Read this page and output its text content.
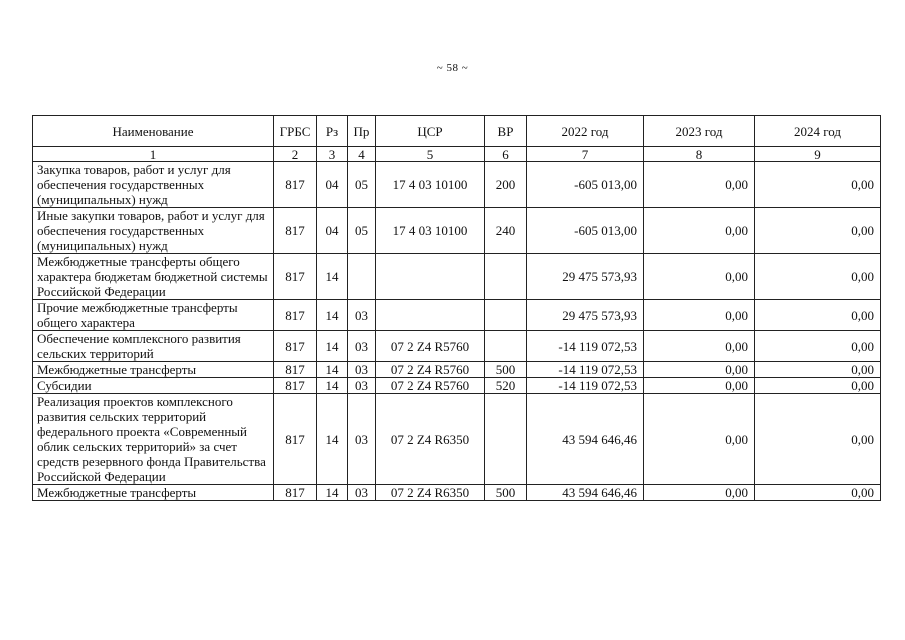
~ 58 ~
Наименование	ГРБС	Рз	Пр	ЦСР	ВР	2022 год	2023 год	2024 год
1	2	3	4	5	6	7	8	9
Закупка товаров, работ и услуг для обеспечения государственных (муниципальных) нужд	817	04	05	17 4 03 10100	200	-605 013,00	0,00	0,00
Иные закупки товаров, работ и услуг для обеспечения государственных (муниципальных) нужд	817	04	05	17 4 03 10100	240	-605 013,00	0,00	0,00
Межбюджетные трансферты общего характера бюджетам бюджетной системы Российской Федерации	817	14				29 475 573,93	0,00	0,00
Прочие межбюджетные трансферты общего характера	817	14	03			29 475 573,93	0,00	0,00
Обеспечение комплексного развития сельских территорий	817	14	03	07 2 Z4 R5760		-14 119 072,53	0,00	0,00
Межбюджетные трансферты	817	14	03	07 2 Z4 R5760	500	-14 119 072,53	0,00	0,00
Субсидии	817	14	03	07 2 Z4 R5760	520	-14 119 072,53	0,00	0,00
Реализация проектов комплексного развития сельских территорий федерального проекта «Современный облик сельских территорий» за счет средств резервного фонда Правительства Российской Федерации	817	14	03	07 2 Z4 R6350		43 594 646,46	0,00	0,00
Межбюджетные трансферты	817	14	03	07 2 Z4 R6350	500	43 594 646,46	0,00	0,00
